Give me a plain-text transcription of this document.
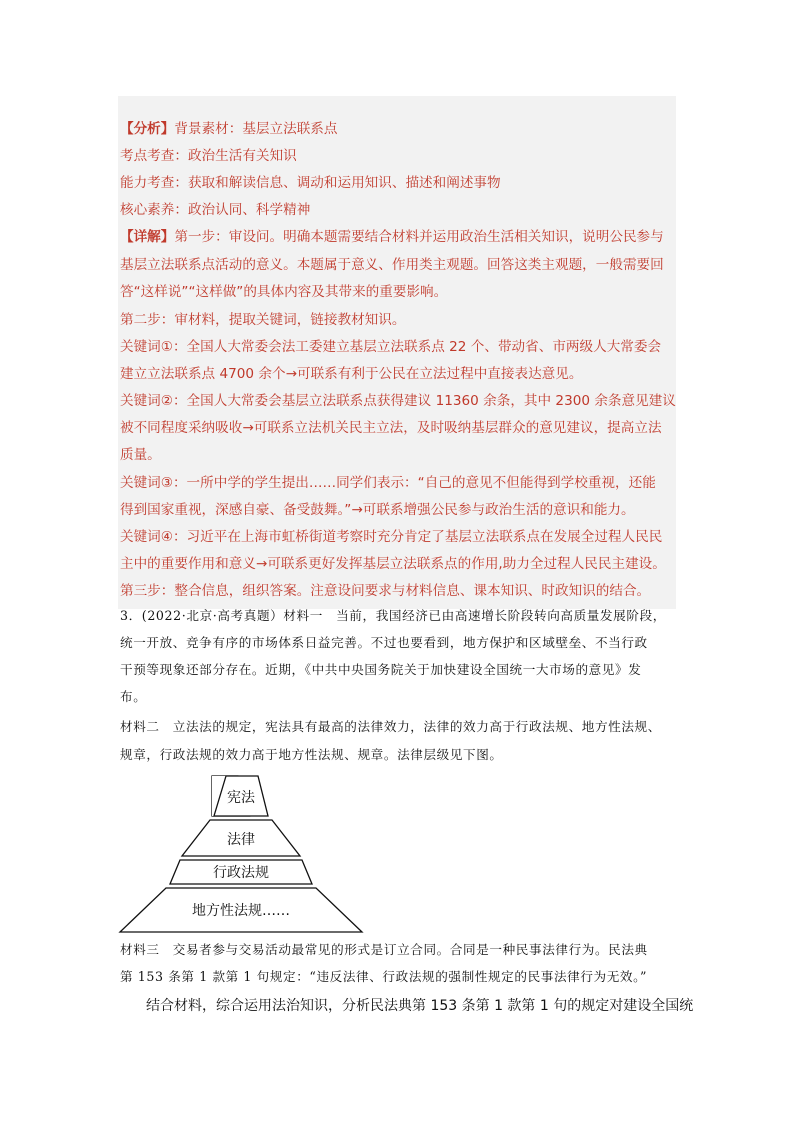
【分析】背景素材：基层立法联系点
考点考查：政治生活有关知识
能力考查：获取和解读信息、调动和运用知识、描述和阐述事物
核心素养：政治认同、科学精神
【详解】第一步：审设问。明确本题需要结合材料并运用政治生活相关知识，说明公民参与
基层立法联系点活动的意义。本题属于意义、作用类主观题。回答这类主观题，一般需要回
答“这样说”“这样做”的具体内容及其带来的重要影响。
第二步：审材料，提取关键词，链接教材知识。
关键词①：全国人大常委会法工委建立基层立法联系点 22 个、带动省、市两级人大常委会
建立立法联系点 4700 余个→可联系有利于公民在立法过程中直接表达意见。
关键词②：全国人大常委会基层立法联系点获得建议 11360 余条，其中 2300 余条意见建议
被不同程度采纳吸收→可联系立法机关民主立法，及时吸纳基层群众的意见建议，提高立法
质量。
关键词③：一所中学的学生提出……同学们表示：“自己的意见不但能得到学校重视，还能
得到国家重视，深感自豪、备受鼓舞。”→可联系增强公民参与政治生活的意识和能力。
关键词④：习近平在上海市虹桥街道考察时充分肯定了基层立法联系点在发展全过程人民民
主中的重要作用和意义→可联系更好发挥基层立法联系点的作用,助力全过程人民民主建设。
第三步：整合信息，组织答案。注意设问要求与材料信息、课本知识、时政知识的结合。
3．(2022·北京·高考真题）材料一　当前，我国经济已由高速增长阶段转向高质量发展阶段，
统一开放、竞争有序的市场体系日益完善。不过也要看到，地方保护和区域壁垒、不当行政
干预等现象还部分存在。近期，《中共中央国务院关于加快建设全国统一大市场的意见》发
布。
材料二　立法法的规定，宪法具有最高的法律效力，法律的效力高于行政法规、地方性法规、
规章，行政法规的效力高于地方性法规、规章。法律层级见下图。
宪法
法律
行政法规
地方性法规……
材料三　交易者参与交易活动最常见的形式是订立合同。合同是一种民事法律行为。民法典
第 153 条第 1 款第 1 句规定：“违反法律、行政法规的强制性规定的民事法律行为无效。”
结合材料，综合运用法治知识，分析民法典第 153 条第 1 款第 1 句的规定对建设全国统
